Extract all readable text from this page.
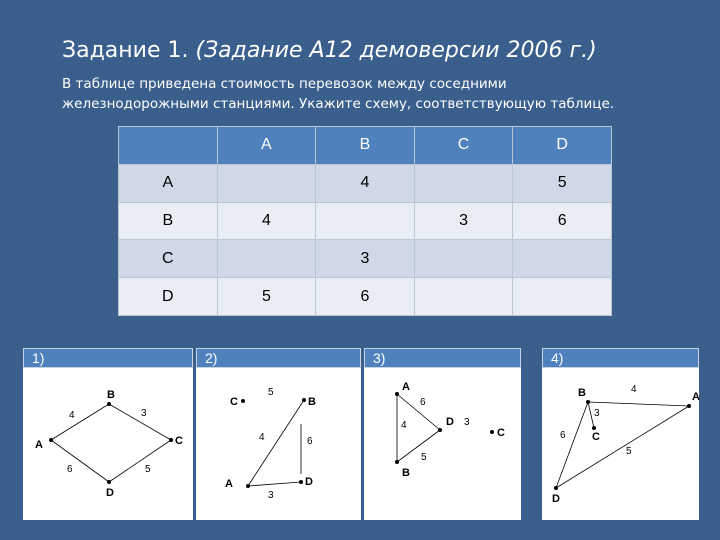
Задание 1. (Задание А12 демоверсии 2006 г.)
В таблице приведена стоимость перевозок между соседними
железнодорожными станциями. Укажите схему, соответствующую таблице.
	A	B	C	D
A		4		5
B	4		3	6
C		3		
D	5	6		
1)
B
A	C
D
4	3
6	5
2)
C	B
A	D
5
4	6
3
3)
A
D
C
B
6
4	3
5
4)
B	A
C
D
4
3
6
5
